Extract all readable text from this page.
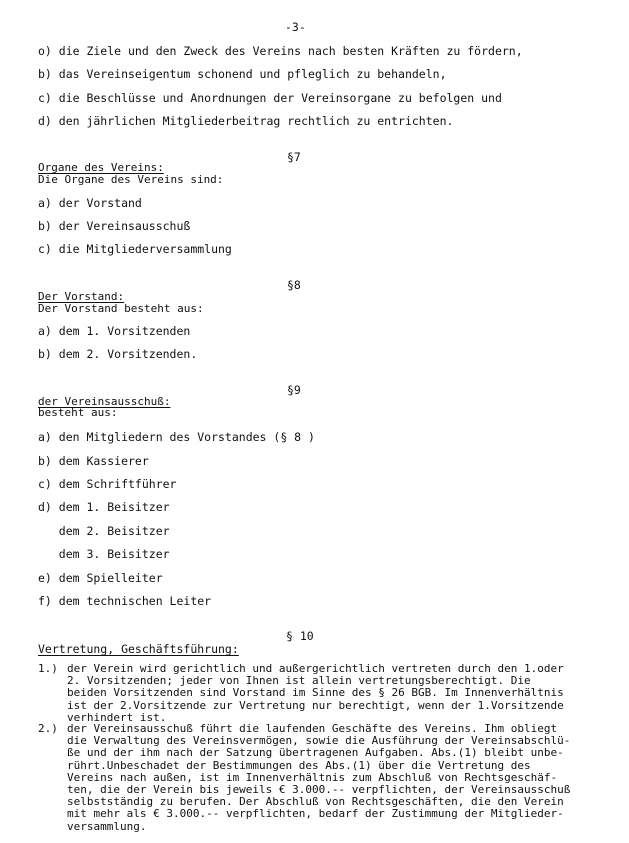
-3-
o) die Ziele und den Zweck des Vereins nach besten Kräften zu fördern,
b) das Vereinseigentum schonend und pfleglich zu behandeln,
c) die Beschlüsse und Anordnungen der Vereinsorgane zu befolgen und
d) den jährlichen Mitgliederbeitrag rechtlich zu entrichten.
§7
Organe des Vereins:
Die Organe des Vereins sind:
a) der Vorstand
b) der Vereinsausschuß
c) die Mitgliederversammlung
§8
Der Vorstand:
Der Vorstand besteht aus:
a) dem 1. Vorsitzenden
b) dem 2. Vorsitzenden.
§9
der Vereinsausschuß:
besteht aus:
a) den Mitgliedern des Vorstandes (§ 8 )
b) dem Kassierer
c) dem Schriftführer
d) dem 1. Beisitzer
dem 2. Beisitzer
dem 3. Beisitzer
e) dem Spielleiter
f) dem technischen Leiter
§ 10
Vertretung, Geschäftsführung:
1.) der Verein wird gerichtlich und außergerichtlich vertreten durch den 1.oder
2. Vorsitzenden; jeder von Ihnen ist allein vertretungsberechtigt. Die
beiden Vorsitzenden sind Vorstand im Sinne des § 26 BGB. Im Innenverhältnis
ist der 2.Vorsitzende zur Vertretung nur berechtigt, wenn der 1.Vorsitzende
verhindert ist.
2.) der Vereinsausschuß führt die laufenden Geschäfte des Vereins. Ihm obliegt
die Verwaltung des Vereinsvermögen, sowie die Ausführung der Vereinsabschlü-
ße und der ihm nach der Satzung übertragenen Aufgaben. Abs.(1) bleibt unbe-
rührt.Unbeschadet der Bestimmungen des Abs.(1) über die Vertretung des
Vereins nach außen, ist im Innenverhältnis zum Abschluß von Rechtsgeschäf-
ten, die der Verein bis jeweils € 3.000.-- verpflichten, der Vereinsausschuß
selbstständig zu berufen. Der Abschluß von Rechtsgeschäften, die den Verein
mit mehr als € 3.000.-- verpflichten, bedarf der Zustimmung der Mitglieder-
versammlung.
